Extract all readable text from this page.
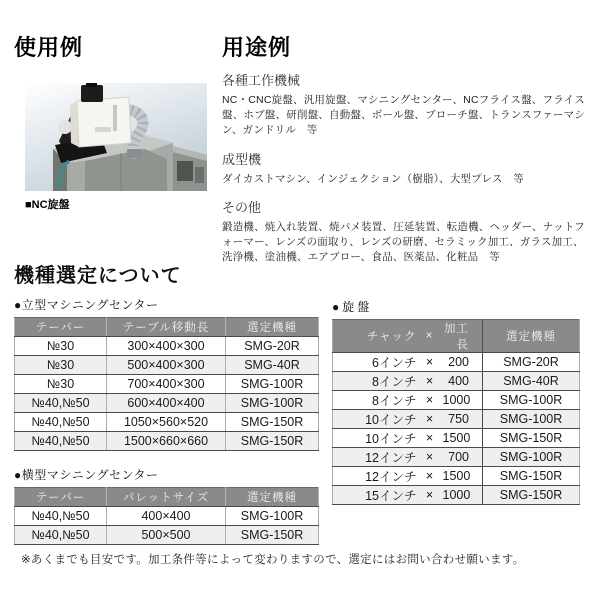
使用例
■NC旋盤
用途例
各種工作機械
NC・CNC旋盤、汎用旋盤、マシニングセンター、NCフライス盤、フライス盤、ホブ盤、研削盤、自動盤、ボール盤、ブローチ盤、トランスファーマシン、ガンドリル　等
成型機
ダイカストマシン、インジェクション（樹脂）、大型プレス　等
その他
鍛造機、焼入れ装置、焼バメ装置、圧延装置、転造機、ヘッダー、ナットフォーマー、レンズの面取り、レンズの研磨、セラミック加工、ガラス加工、洗浄機、塗油機、エアブロー、食品、医薬品、化粧品　等
機種選定について
●立型マシニングセンター
テーパー	テーブル移動長	選定機種
№30	300×400×300	SMG-20R
№30	500×400×300	SMG-40R
№30	700×400×300	SMG-100R
№40,№50	600×400×400	SMG-100R
№40,№50	1050×560×520	SMG-150R
№40,№50	1500×660×660	SMG-150R
●横型マシニングセンター
テーパー	パレットサイズ	選定機種
№40,№50	400×400	SMG-100R
№40,№50	500×500	SMG-150R
●旋盤
チャック	×	加工長	選定機種
6インチ	×	200	SMG-20R
8インチ	×	400	SMG-40R
8インチ	×	1000	SMG-100R
10インチ	×	750	SMG-100R
10インチ	×	1500	SMG-150R
12インチ	×	700	SMG-100R
12インチ	×	1500	SMG-150R
15インチ	×	1000	SMG-150R
※あくまでも目安です。加工条件等によって変わりますので、選定にはお問い合わせ願います。
